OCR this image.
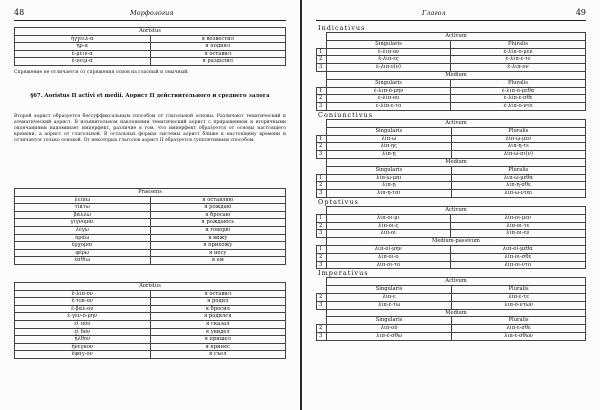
48	Морфология
Aoristus	
ἤγγειλ-α	я возвестил
ἦρ-α	я поднял
ἔ-μειν-α	я оставил
ἔ-νειμ-α	я разделил
Спряжение не отличается от спряжения основ на гласный и смычный.
§67. Aoristus II activi et medii. Аорист II действительного и среднего залога
Второй аорист образуется бессуффиксальным способом от глагольной основы. Различают тематический и атематический аорист. В изъявительном наклонении тематический аорист с приращением и вторичными окончаниями напоминает имперфект, различие в том, что имперфект образуется от основы настоящего времени, а аорист от глагольной. В остальных формах системы аорист ближе к настоящему времени и отличается только основой. От некоторых глаголов аорист II образуется супплетивным способом.
Praesens	
λείπω	я оставляю
τίκτω	я рождаю
βάλλω	я бросаю
γίγνομαι	я рождаюсь
λέγω	я говорю
ὁράω	я вижу
ἔρχομαι	я прихожу
φέρω	я несу
ἐσθίω	я ем
Aoristus	
ἔ-λιπ-ον	я оставил
ἔ-τεκ-ον	я родил
ἔ-βαλ-ον	я бросил
ἐ-γεν-ό-μην	я родился
εἶ πον	я сказал
εἶ δον	я увидел
ἦλθον	я пришел
ἤνεγκον	я принес
ἔφαγ-ον	я съел
Глагол	49
Indicativus
	Activum	
	Singularis	Pluralis
1	ἔ-λιπ-ον	ἐ-λίπ-ο-μεν
2	ἔ-λιπ-ες	ἐ-λίπ-ε-τε
3	ἔ-λιπ-ε(ν)	ἔ-λιπ-ον
	Medium	
	Singularis	Pluralis
1	ἐ-λιπ-ό-μην	ἐ-λιπ-ό-μεθα
2	ἐ-λίπ-ου	ἐ-λίπ-ε-σθε
3	ἐ-λίπ-ε-το	ἐ-λίπ-ο-ντο
Coniunctivus
	Activum	
	Singularis	Pluralis
1	λίπ-ω	λίπ-ω-μεν
2	λίπ-ῃς	λίπ-η-τε
3	λίπ-ῃ	λίπ-ω-σι(ν)
	Medium	
	Singularis	Pluralis
1	λίπ-ω-μαι	λιπ-ώ-μεθα
2	λίπ-ῃ	λίπ-η-σθε
3	λίπ-η-ται	λίπ-ω-νται
Optativus
	Activum	
1	λίπ-οι-μι	λίπ-οι-μεν
2	λίπ-οι-ς	λίπ-οι-τε
3	λίπ-οι	λίπ-οι-εν
	Medium-passivum	
1	λιπ-οί-μην	λιπ-οί-μεθα
2	λίπ-οι-ο	λίπ-οι-σθε
3	λίπ-οι-το	λίπ-οι-ντο
Imperativus
	Activum	
	Singularis	Pluralis
2	λίπ-ε	λίπ-ε-τε
3	λιπ-έ-τω	λιπ-ό-ντων
	Medium	
	Singularis	Pluralis
2	λιπ-οῦ	λίπ-ε-σθε
3	λιπ-έ-σθω	λιπ-έ-σθων
